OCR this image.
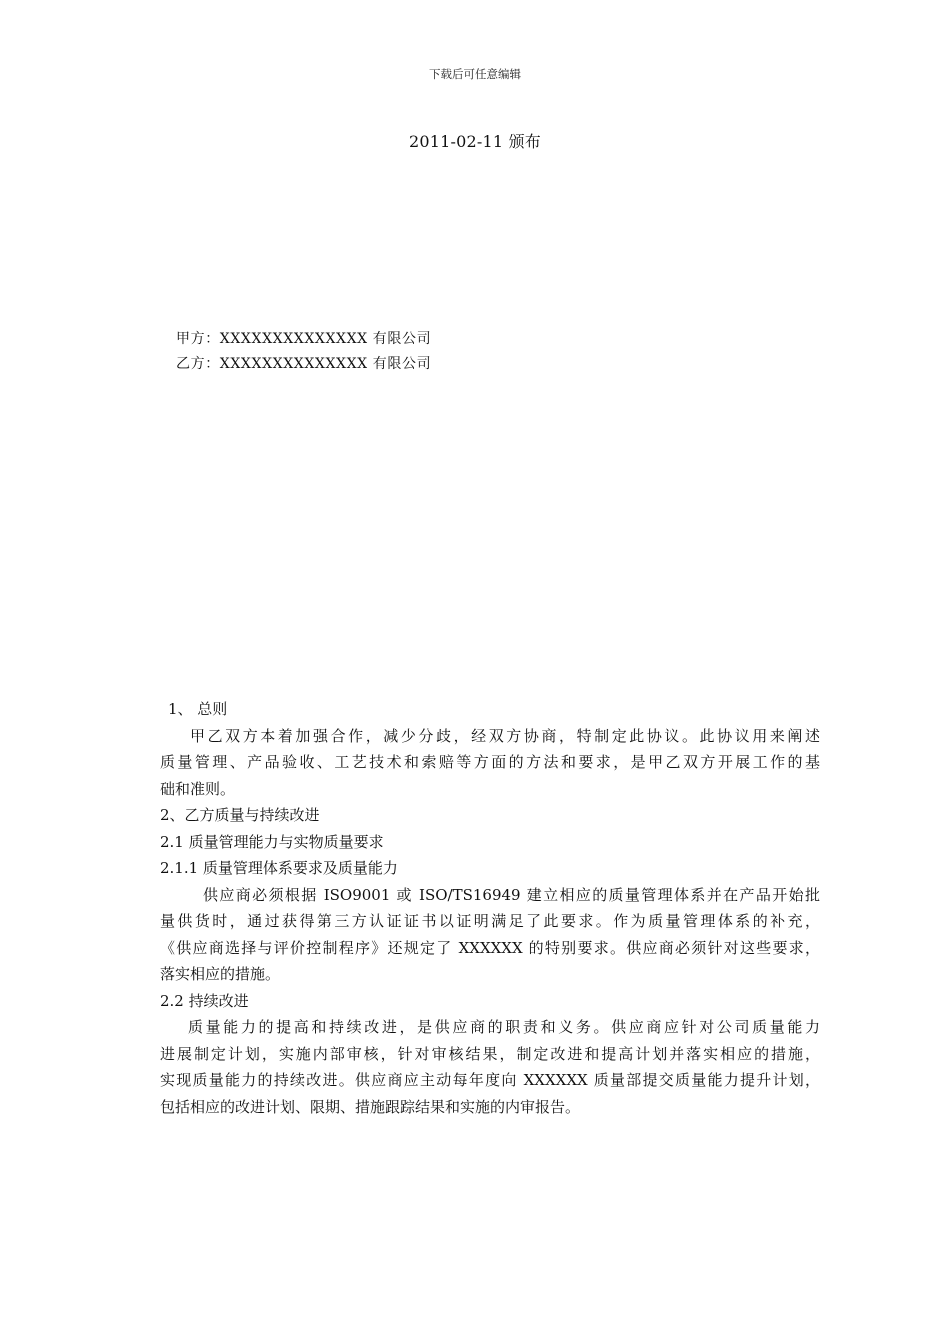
下载后可任意编辑
2011-02-11 颁布
甲方：XXXXXXXXXXXXXX 有限公司
乙方：XXXXXXXXXXXXXX 有限公司
1、 总则
甲乙双方本着加强合作，减少分歧，经双方协商，特制定此协议。此协议用来阐述
质量管理、产品验收、工艺技术和索赔等方面的方法和要求，是甲乙双方开展工作的基
础和准则。
2、乙方质量与持续改进
2.1 质量管理能力与实物质量要求
2.1.1 质量管理体系要求及质量能力
供应商必须根据 ISO9001 或 ISO/TS16949 建立相应的质量管理体系并在产品开始批
量供货时，通过获得第三方认证证书以证明满足了此要求。作为质量管理体系的补充，
《供应商选择与评价控制程序》还规定了 XXXXXX 的特别要求。供应商必须针对这些要求，
落实相应的措施。
2.2 持续改进
质量能力的提高和持续改进，是供应商的职责和义务。供应商应针对公司质量能力
进展制定计划，实施内部审核，针对审核结果，制定改进和提高计划并落实相应的措施，
实现质量能力的持续改进。供应商应主动每年度向 XXXXXX 质量部提交质量能力提升计划，
包括相应的改进计划、限期、措施跟踪结果和实施的内审报告。
